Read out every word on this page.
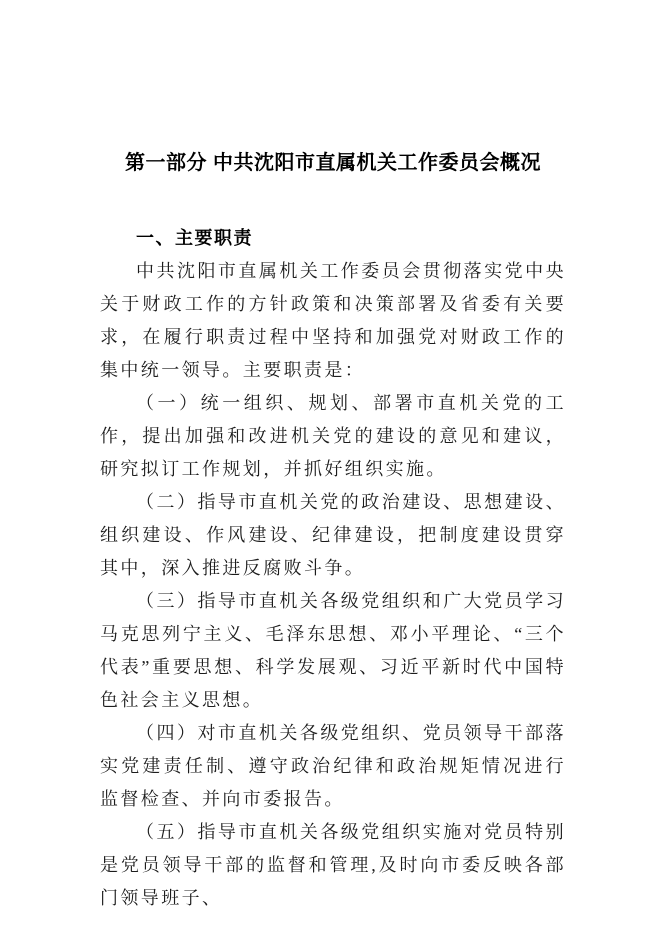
第一部分 中共沈阳市直属机关工作委员会概况
一、主要职责

中共沈阳市直属机关工作委员会贯彻落实党中央关于财政工作的方针政策和决策部署及省委有关要求，在履行职责过程中坚持和加强党对财政工作的集中统一领导。主要职责是：

（一）统一组织、规划、部署市直机关党的工作，提出加强和改进机关党的建设的意见和建议，研究拟订工作规划，并抓好组织实施。

（二）指导市直机关党的政治建设、思想建设、组织建设、作风建设、纪律建设，把制度建设贯穿其中，深入推进反腐败斗争。

（三）指导市直机关各级党组织和广大党员学习马克思列宁主义、毛泽东思想、邓小平理论、“三个代表”重要思想、科学发展观、习近平新时代中国特色社会主义思想。

（四）对市直机关各级党组织、党员领导干部落实党建责任制、遵守政治纪律和政治规矩情况进行监督检查、并向市委报告。

（五）指导市直机关各级党组织实施对党员特别是党员领导干部的监督和管理,及时向市委反映各部门领导班子、
